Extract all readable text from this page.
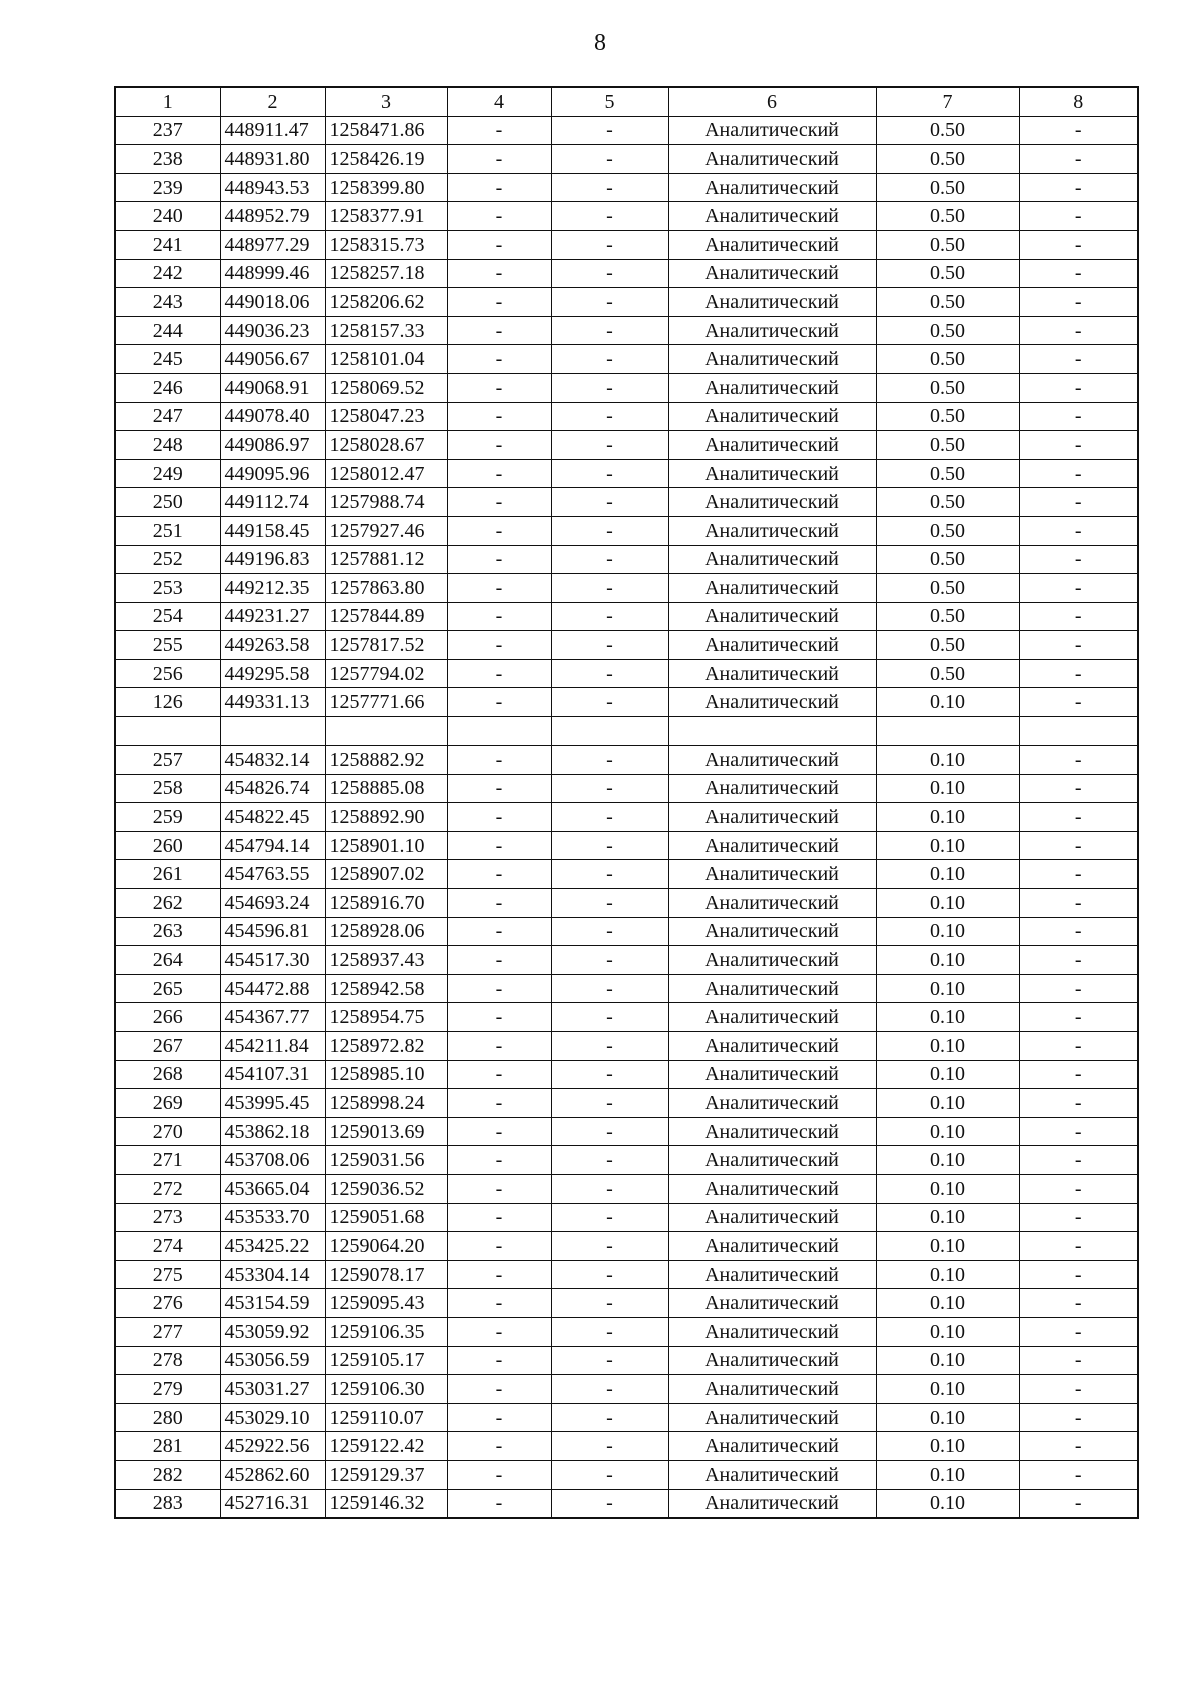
8
1	2	3	4	5	6	7	8
237	448911.47	1258471.86	-	-	Аналитический	0.50	-
238	448931.80	1258426.19	-	-	Аналитический	0.50	-
239	448943.53	1258399.80	-	-	Аналитический	0.50	-
240	448952.79	1258377.91	-	-	Аналитический	0.50	-
241	448977.29	1258315.73	-	-	Аналитический	0.50	-
242	448999.46	1258257.18	-	-	Аналитический	0.50	-
243	449018.06	1258206.62	-	-	Аналитический	0.50	-
244	449036.23	1258157.33	-	-	Аналитический	0.50	-
245	449056.67	1258101.04	-	-	Аналитический	0.50	-
246	449068.91	1258069.52	-	-	Аналитический	0.50	-
247	449078.40	1258047.23	-	-	Аналитический	0.50	-
248	449086.97	1258028.67	-	-	Аналитический	0.50	-
249	449095.96	1258012.47	-	-	Аналитический	0.50	-
250	449112.74	1257988.74	-	-	Аналитический	0.50	-
251	449158.45	1257927.46	-	-	Аналитический	0.50	-
252	449196.83	1257881.12	-	-	Аналитический	0.50	-
253	449212.35	1257863.80	-	-	Аналитический	0.50	-
254	449231.27	1257844.89	-	-	Аналитический	0.50	-
255	449263.58	1257817.52	-	-	Аналитический	0.50	-
256	449295.58	1257794.02	-	-	Аналитический	0.50	-
126	449331.13	1257771.66	-	-	Аналитический	0.10	-

257	454832.14	1258882.92	-	-	Аналитический	0.10	-
258	454826.74	1258885.08	-	-	Аналитический	0.10	-
259	454822.45	1258892.90	-	-	Аналитический	0.10	-
260	454794.14	1258901.10	-	-	Аналитический	0.10	-
261	454763.55	1258907.02	-	-	Аналитический	0.10	-
262	454693.24	1258916.70	-	-	Аналитический	0.10	-
263	454596.81	1258928.06	-	-	Аналитический	0.10	-
264	454517.30	1258937.43	-	-	Аналитический	0.10	-
265	454472.88	1258942.58	-	-	Аналитический	0.10	-
266	454367.77	1258954.75	-	-	Аналитический	0.10	-
267	454211.84	1258972.82	-	-	Аналитический	0.10	-
268	454107.31	1258985.10	-	-	Аналитический	0.10	-
269	453995.45	1258998.24	-	-	Аналитический	0.10	-
270	453862.18	1259013.69	-	-	Аналитический	0.10	-
271	453708.06	1259031.56	-	-	Аналитический	0.10	-
272	453665.04	1259036.52	-	-	Аналитический	0.10	-
273	453533.70	1259051.68	-	-	Аналитический	0.10	-
274	453425.22	1259064.20	-	-	Аналитический	0.10	-
275	453304.14	1259078.17	-	-	Аналитический	0.10	-
276	453154.59	1259095.43	-	-	Аналитический	0.10	-
277	453059.92	1259106.35	-	-	Аналитический	0.10	-
278	453056.59	1259105.17	-	-	Аналитический	0.10	-
279	453031.27	1259106.30	-	-	Аналитический	0.10	-
280	453029.10	1259110.07	-	-	Аналитический	0.10	-
281	452922.56	1259122.42	-	-	Аналитический	0.10	-
282	452862.60	1259129.37	-	-	Аналитический	0.10	-
283	452716.31	1259146.32	-	-	Аналитический	0.10	-
